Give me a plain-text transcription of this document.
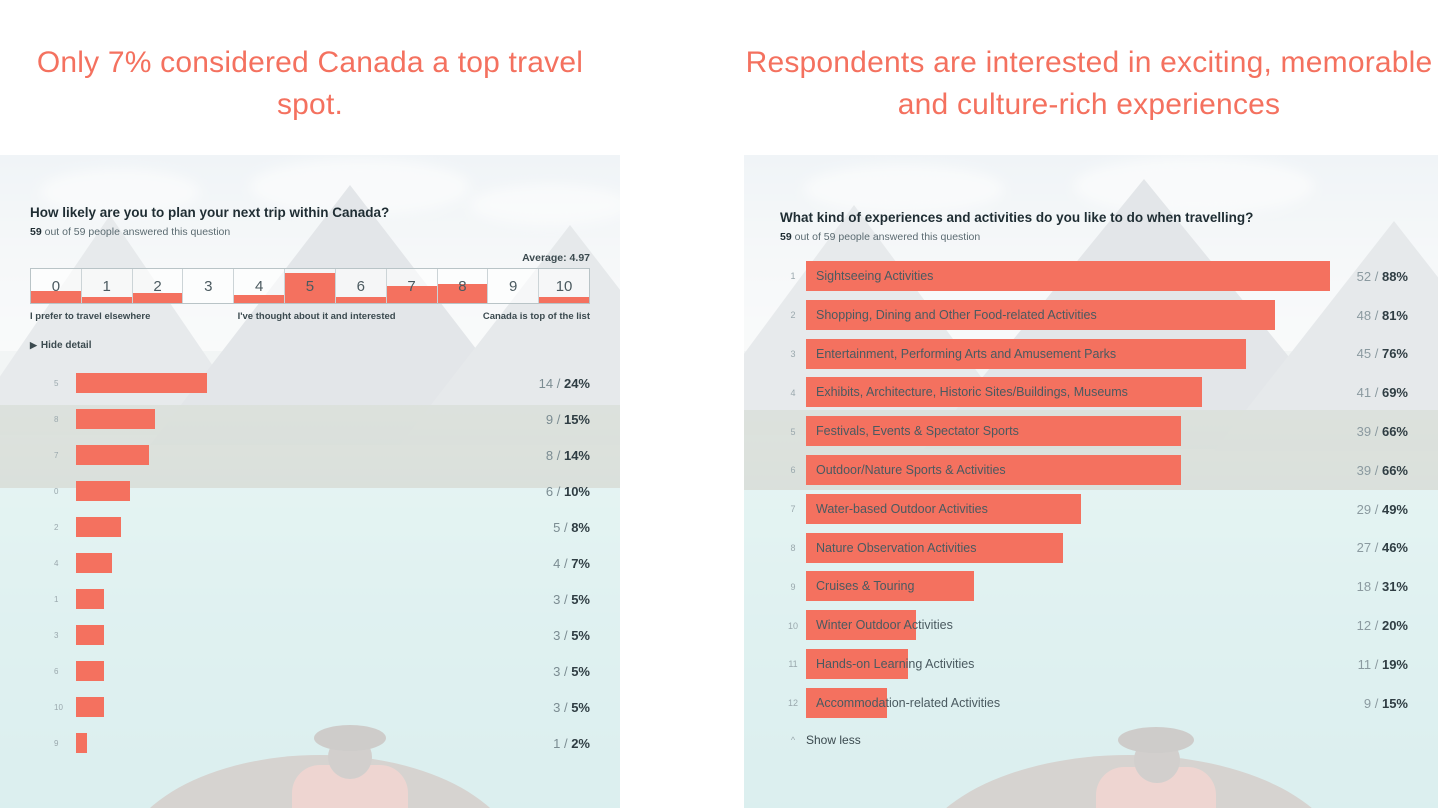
Only 7% considered Canada a top travel spot.
Respondents are interested in exciting, memorable and culture-rich experiences

How likely are you to plan your next trip within Canada?

59 out of 59 people answered this question

Average: 4.97
0	1	2	3	4	5	6	7	8	9	10
I prefer to travel elsewhere	I've thought about it and interested	Canada is top of the list
▶ Hide detail
5	14 / 24%
8	9 / 15%
7	8 / 14%
0	6 / 10%
2	5 / 8%
4	4 / 7%
1	3 / 5%
3	3 / 5%
6	3 / 5%
10	3 / 5%
9	1 / 2%

What kind of experiences and activities do you like to do when travelling?

59 out of 59 people answered this question

1	Sightseeing Activities	52 / 88%
2	Shopping, Dining and Other Food-related Activities	48 / 81%
3	Entertainment, Performing Arts and Amusement Parks	45 / 76%
4	Exhibits, Architecture, Historic Sites/Buildings, Museums	41 / 69%
5	Festivals, Events & Spectator Sports	39 / 66%
6	Outdoor/Nature Sports & Activities	39 / 66%
7	Water-based Outdoor Activities	29 / 49%
8	Nature Observation Activities	27 / 46%
9	Cruises & Touring	18 / 31%
10	Winter Outdoor Activities	12 / 20%
11	Hands-on Learning Activities	11 / 19%
12	Accommodation-related Activities	9 / 15%
^ Show less
